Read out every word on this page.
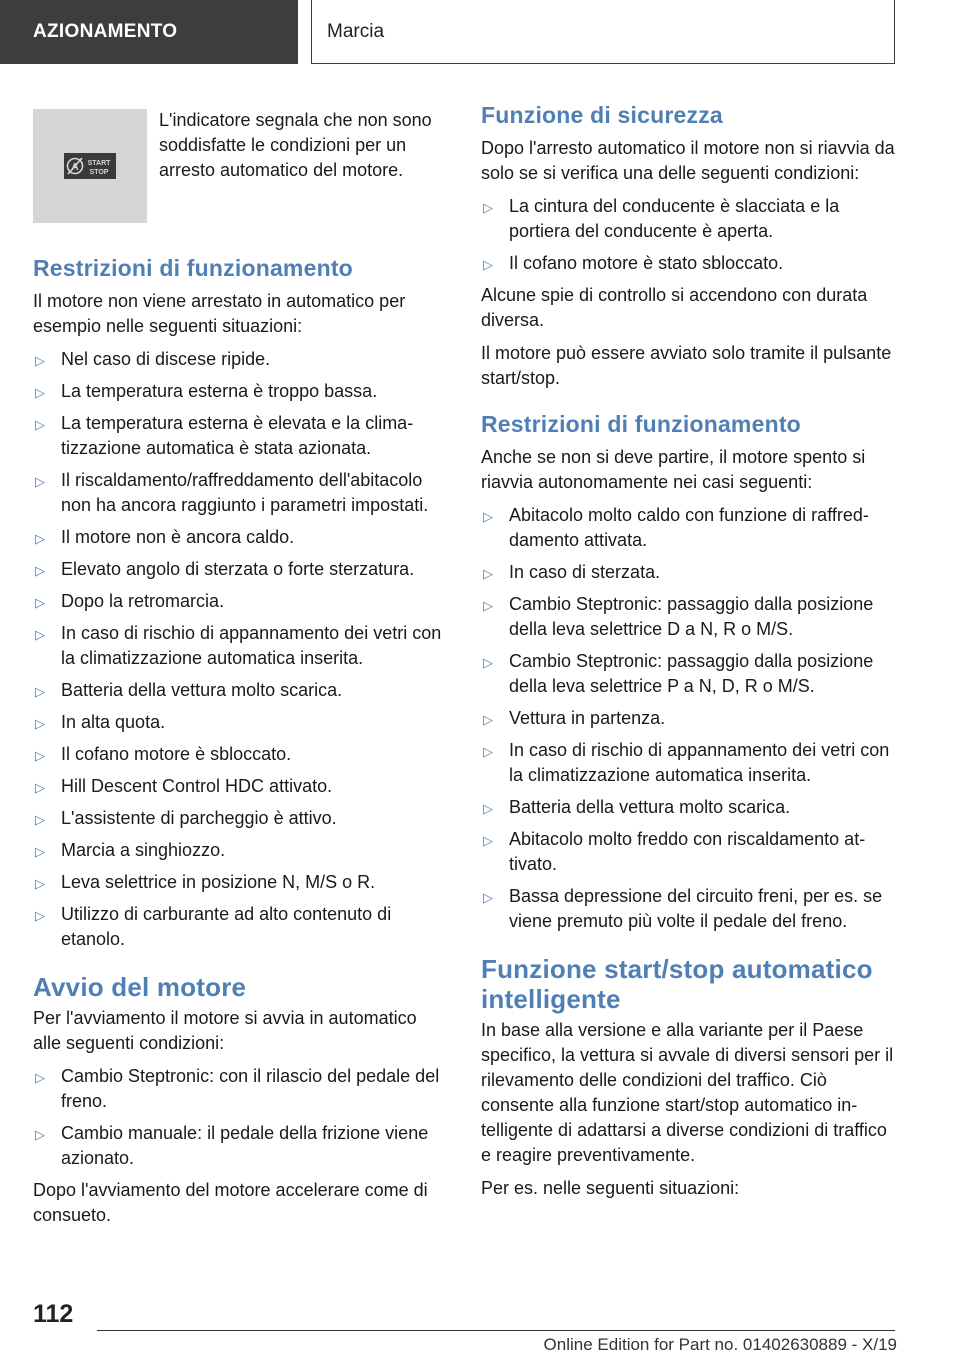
AZIONAMENTO	Marcia
A START
STOP
L'indicatore segnala che non sono soddisfatte le condizioni per un arresto automatico del motore.
Restrizioni di funzionamento

Il motore non viene arrestato in automatico per esempio nelle seguenti situazioni:

▷ Nel caso di discese ripide.
▷ La temperatura esterna è troppo bassa.
▷ La temperatura esterna è elevata e la climatizzazione automatica è stata azionata.
▷ Il riscaldamento/raffreddamento dell'abitacolo non ha ancora raggiunto i parametri impostati.
▷ Il motore non è ancora caldo.
▷ Elevato angolo di sterzata o forte sterzatura.
▷ Dopo la retromarcia.
▷ In caso di rischio di appannamento dei vetri con la climatizzazione automatica inserita.
▷ Batteria della vettura molto scarica.
▷ In alta quota.
▷ Il cofano motore è sbloccato.
▷ Hill Descent Control HDC attivato.
▷ L'assistente di parcheggio è attivo.
▷ Marcia a singhiozzo.
▷ Leva selettrice in posizione N, M/S o R.
▷ Utilizzo di carburante ad alto contenuto di etanolo.
Avvio del motore

Per l'avviamento il motore si avvia in automatico alle seguenti condizioni:

▷ Cambio Steptronic: con il rilascio del pedale del freno.
▷ Cambio manuale: il pedale della frizione viene azionato.

Dopo l'avviamento del motore accelerare come di consueto.

Funzione di sicurezza

Dopo l'arresto automatico il motore non si riavvia da solo se si verifica una delle seguenti condizioni:

▷ La cintura del conducente è slacciata e la portiera del conducente è aperta.
▷ Il cofano motore è stato sbloccato.

Alcune spie di controllo si accendono con durata diversa.

Il motore può essere avviato solo tramite il pulsante start/stop.

Restrizioni di funzionamento

Anche se non si deve partire, il motore spento si riavvia autonomamente nei casi seguenti:

▷ Abitacolo molto caldo con funzione di raffreddamento attivata.
▷ In caso di sterzata.
▷ Cambio Steptronic: passaggio dalla posizione della leva selettrice D a N, R o M/S.
▷ Cambio Steptronic: passaggio dalla posizione della leva selettrice P a N, D, R o M/S.
▷ Vettura in partenza.
▷ In caso di rischio di appannamento dei vetri con la climatizzazione automatica inserita.
▷ Batteria della vettura molto scarica.
▷ Abitacolo molto freddo con riscaldamento attivato.
▷ Bassa depressione del circuito freni, per es. se viene premuto più volte il pedale del freno.
Funzione start/stop automatico intelligente

In base alla versione e alla variante per il Paese specifico, la vettura si avvale di diversi sensori per il rilevamento delle condizioni del traffico. Ciò consente alla funzione start/stop automatico intelligente di adattarsi a diverse condizioni di traffico e reagire preventivamente.

Per es. nelle seguenti situazioni:

112
Online Edition for Part no. 01402630889 - X/19
